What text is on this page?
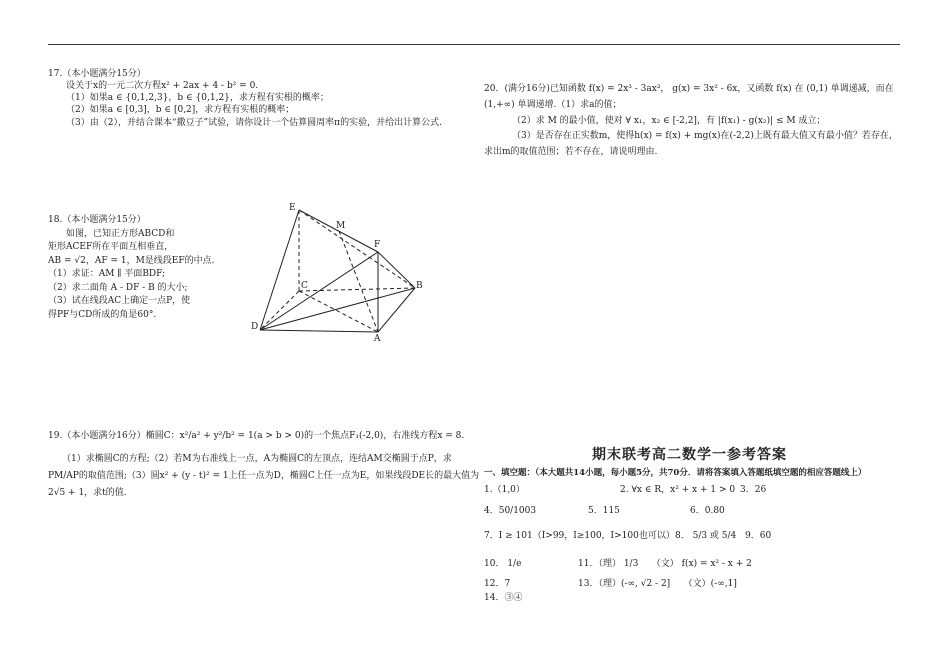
17.（本小题满分15分）
设关于x的一元二次方程x² + 2ax + 4 - b² = 0.
（1）如果a ∈ {0,1,2,3}，b ∈ {0,1,2}，求方程有实根的概率；
（2）如果a ∈ [0,3]，b ∈ [0,2]，求方程有实根的概率；
（3）由（2），并结合课本“撒豆子”试验，请你设计一个估算圆周率π的实验，并给出计算公式.
20．(满分16分)已知函数 f(x) = 2x³ - 3ax²， g(x) = 3x² - 6x，又函数 f(x) 在 (0,1) 单调递减，而在
(1,+∞) 单调递增.（1）求a的值；
（2）求 M 的最小值，使对 ∀ x₁，x₂ ∈ [-2,2]，有 |f(x₁) - g(x₂)| ≤ M 成立；
（3）是否存在正实数m，使得h(x) = f(x) + mg(x)在(-2,2)上既有最大值又有最小值？若存在，
求出m的取值范围；若不存在，请说明理由.
18.（本小题满分15分）
如图，已知正方形ABCD和
矩形ACEF所在平面互相垂直，
AB = √2，AF = 1，M是线段EF的中点.
（1）求证：AM ∥ 平面BDF;
（2）求二面角 A - DF - B 的大小;
（3）试在线段AC上确定一点P，使
得PF与CD所成的角是60°.
E
M
F
C	B
D
A
19.（本小题满分16分）椭圆C：x²/a² + y²/b² = 1(a > b > 0)的一个焦点F₁(-2,0)，右准线方程x = 8.
（1）求椭圆C的方程;（2）若M为右准线上一点，A为椭圆C的左顶点，连结AM交椭圆于点P，求
PM/AP的取值范围;（3）圆x² + (y - t)² = 1上任一点为D，椭圆C上任一点为E，如果线段DE长的最大值为
2√5 + 1，求t的值.
期末联考高二数学一参考答案
一、填空题：（本大题共14小题，每小题5分，共70分．请将答案填入答题纸填空题的相应答题线上）
1.（1,0）	2. ∀x ∈ R，x² + x + 1 > 0 3．26
4．50/1003	5．115	6．0.80
7．I ≥ 101（I>99，I≥100，I>100也可以） 8． 5/3 或 5/4 9．60
10． 1/e	11．（理） 1/3　　（文） f(x) = x² - x + 2
12．7	13．（理）(-∞, √2 - 2]　　（文）(-∞,1]
14．③④
